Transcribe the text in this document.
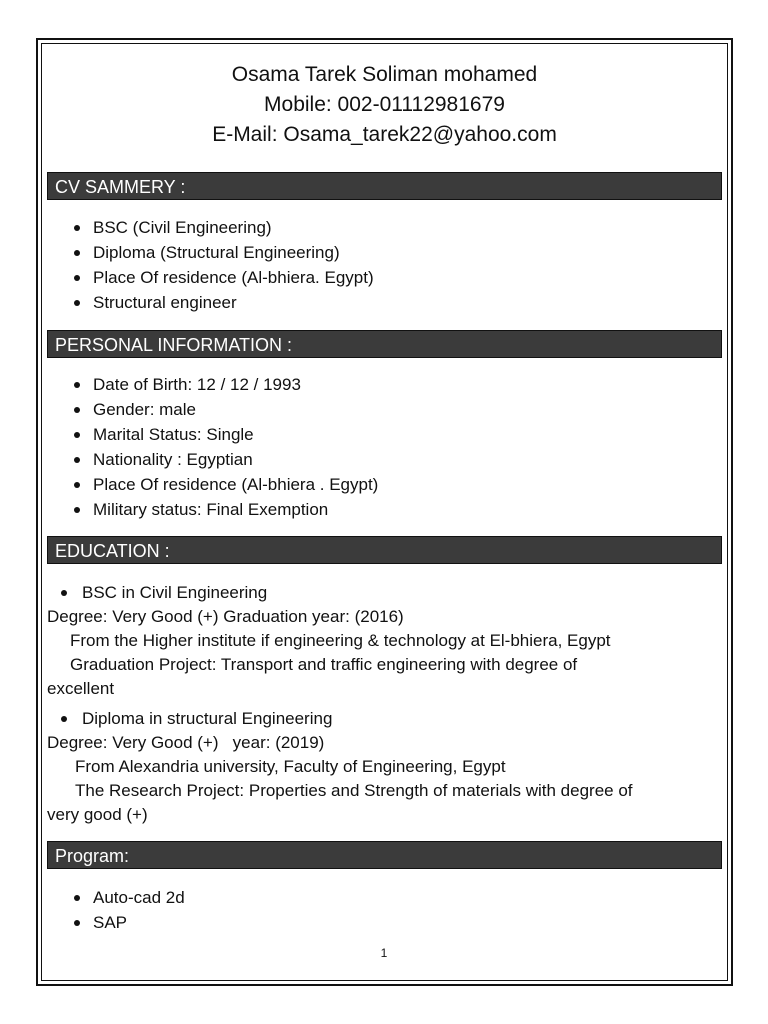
Osama Tarek Soliman mohamed
Mobile: 002-01112981679
E-Mail: Osama_tarek22@yahoo.com
CV SAMMERY :
BSC (Civil Engineering)
Diploma (Structural Engineering)
Place Of residence (Al-bhiera. Egypt)
Structural engineer
PERSONAL INFORMATION :
Date of Birth: 12 / 12 / 1993
Gender: male
Marital Status: Single
Nationality : Egyptian
Place Of residence (Al-bhiera . Egypt)
Military status: Final Exemption
EDUCATION :
BSC in Civil Engineering
Degree: Very Good (+) Graduation year: (2016)
From the Higher institute if engineering & technology at El-bhiera, Egypt
Graduation Project: Transport and traffic engineering with degree of
excellent
Diploma in structural Engineering
Degree: Very Good (+)   year: (2019)
From Alexandria university, Faculty of Engineering, Egypt
The Research Project: Properties and Strength of materials with degree of
very good (+)
Program:
Auto-cad 2d
SAP
1
